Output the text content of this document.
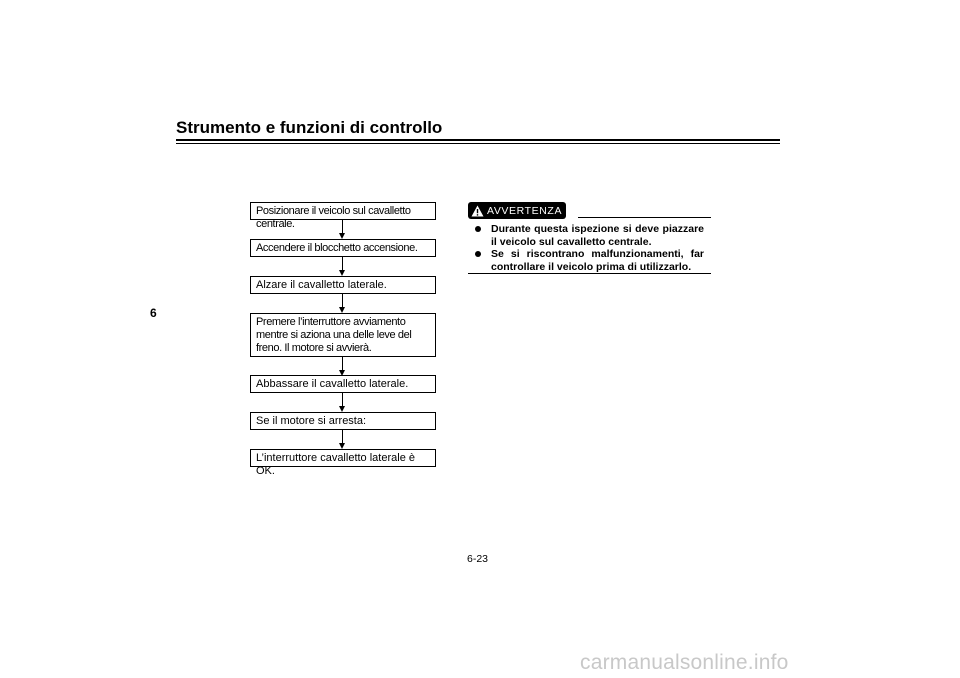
Strumento e funzioni di controllo
6
Posizionare il veicolo sul cavalletto centrale.
Accendere il blocchetto accensione.
Alzare il cavalletto laterale.
Premere l’interruttore avviamento mentre si aziona una delle leve del freno. Il motore si avvierà.
Abbassare il cavalletto laterale.
Se il motore si arresta:
L’interruttore cavalletto laterale è OK.
AVVERTENZA
Durante questa ispezione si deve piazzare il veicolo sul cavalletto centrale.
Se si riscontrano malfunzionamenti, far controllare il veicolo prima di utilizzarlo.
6-23
carmanualsonline.info
